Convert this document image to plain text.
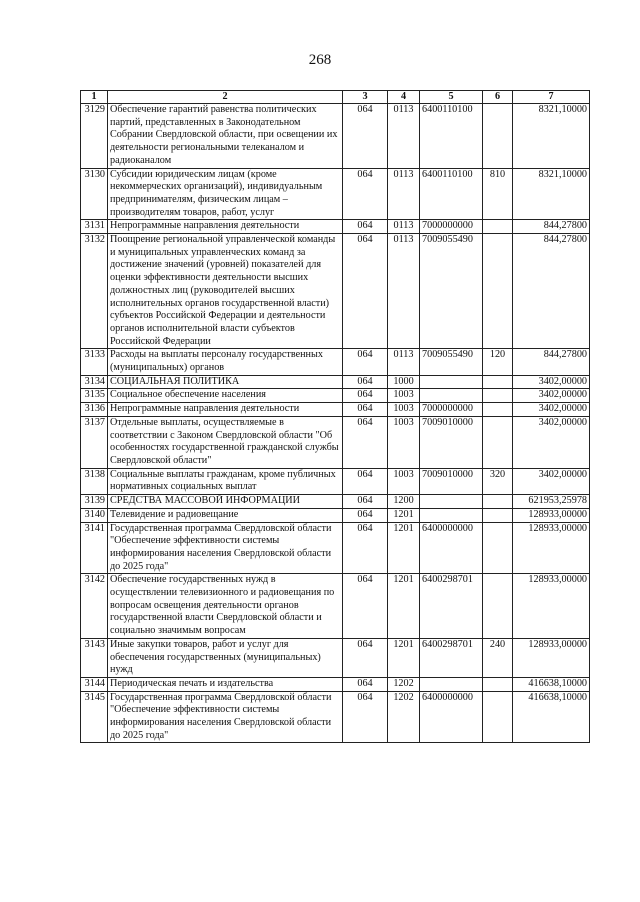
268
1	2	3	4	5	6	7
3129	Обеспечение гарантий равенства политических партий, представленных в Законодательном Собрании Свердловской области, при освещении их деятельности региональными телеканалом и радиоканалом	064	0113	6400110100		8321,10000
3130	Субсидии юридическим лицам (кроме некоммерческих организаций), индивидуальным предпринимателям, физическим лицам – производителям товаров, работ, услуг	064	0113	6400110100	810	8321,10000
3131	Непрограммные направления деятельности	064	0113	7000000000		844,27800
3132	Поощрение региональной управленческой команды и муниципальных управленческих команд за достижение значений (уровней) показателей для оценки эффективности деятельности высших должностных лиц (руководителей высших исполнительных органов государственной власти) субъектов Российской Федерации и деятельности органов исполнительной власти субъектов Российской Федерации	064	0113	7009055490		844,27800
3133	Расходы на выплаты персоналу государственных (муниципальных) органов	064	0113	7009055490	120	844,27800
3134	СОЦИАЛЬНАЯ ПОЛИТИКА	064	1000			3402,00000
3135	Социальное обеспечение населения	064	1003			3402,00000
3136	Непрограммные направления деятельности	064	1003	7000000000		3402,00000
3137	Отдельные выплаты, осуществляемые в соответствии с Законом Свердловской области "Об особенностях государственной гражданской службы Свердловской области"	064	1003	7009010000		3402,00000
3138	Социальные выплаты гражданам, кроме публичных нормативных социальных выплат	064	1003	7009010000	320	3402,00000
3139	СРЕДСТВА МАССОВОЙ ИНФОРМАЦИИ	064	1200			621953,25978
3140	Телевидение и радиовещание	064	1201			128933,00000
3141	Государственная программа Свердловской области "Обеспечение эффективности системы информирования населения Свердловской области до 2025 года"	064	1201	6400000000		128933,00000
3142	Обеспечение государственных нужд в осуществлении телевизионного и радиовещания по вопросам освещения деятельности органов государственной власти Свердловской области и социально значимым вопросам	064	1201	6400298701		128933,00000
3143	Иные закупки товаров, работ и услуг для обеспечения государственных (муниципальных) нужд	064	1201	6400298701	240	128933,00000
3144	Периодическая печать и издательства	064	1202			416638,10000
3145	Государственная программа Свердловской области "Обеспечение эффективности системы информирования населения Свердловской области до 2025 года"	064	1202	6400000000		416638,10000
